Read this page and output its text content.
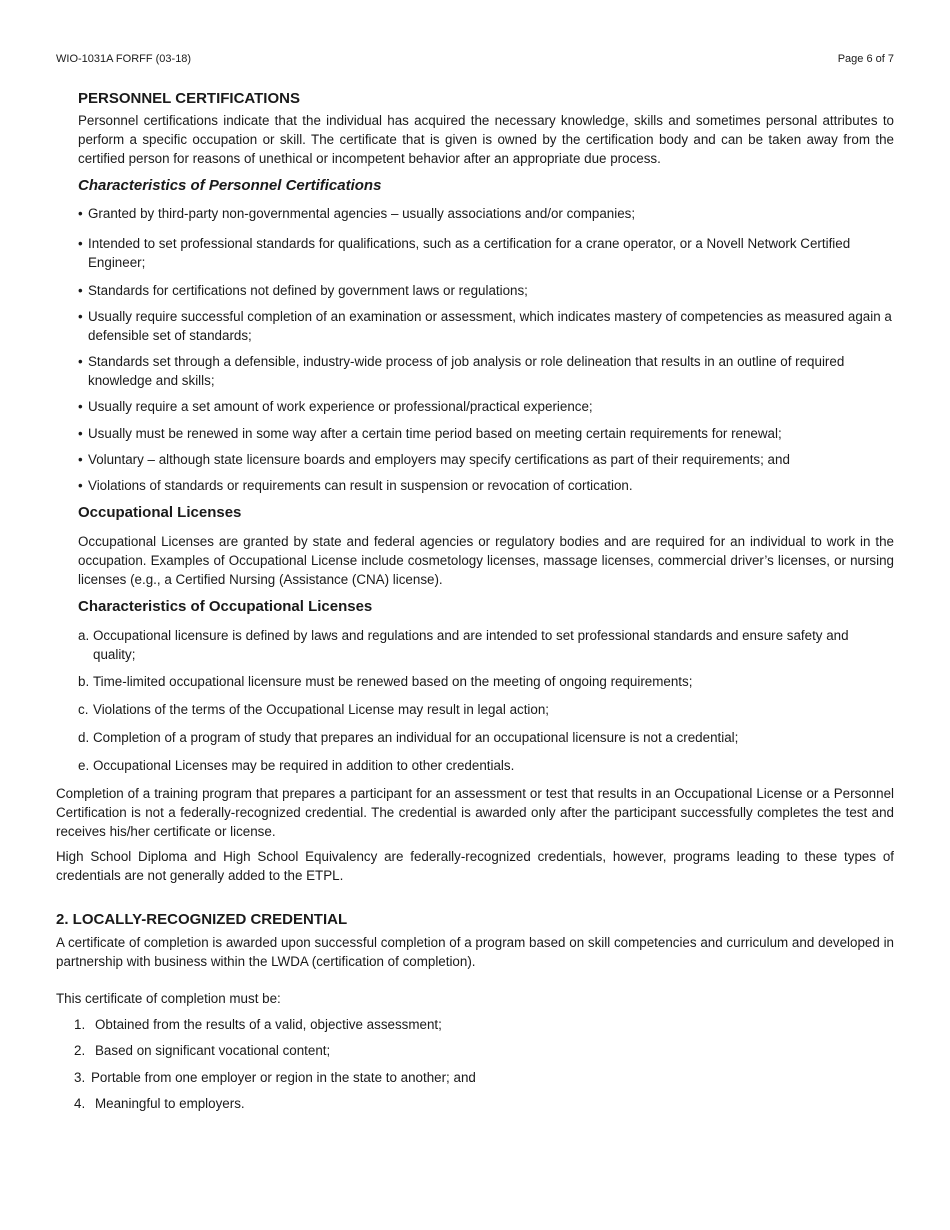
WIO-1031A FORFF (03-18)	Page 6 of 7
PERSONNEL CERTIFICATIONS
Personnel certifications indicate that the individual has acquired the necessary knowledge, skills and sometimes personal attributes to perform a specific occupation or skill. The certificate that is given is owned by the certification body and can be taken away from the certified person for reasons of unethical or incompetent behavior after an appropriate due process.
Characteristics of Personnel Certifications
• Granted by third-party non-governmental agencies – usually associations and/or companies;
• Intended to set professional standards for qualifications, such as a certification for a crane operator, or a Novell Network Certified Engineer;
• Standards for certifications not defined by government laws or regulations;
• Usually require successful completion of an examination or assessment, which indicates mastery of competencies as measured again a defensible set of standards;
• Standards set through a defensible, industry-wide process of job analysis or role delineation that results in an outline of required knowledge and skills;
• Usually require a set amount of work experience or professional/practical experience;
• Usually must be renewed in some way after a certain time period based on meeting certain requirements for renewal;
• Voluntary – although state licensure boards and employers may specify certifications as part of their requirements; and
• Violations of standards or requirements can result in suspension or revocation of cortication.
Occupational Licenses
Occupational Licenses are granted by state and federal agencies or regulatory bodies and are required for an individual to work in the occupation. Examples of Occupational License include cosmetology licenses, massage licenses, commercial driver’s licenses, or nursing licenses (e.g., a Certified Nursing (Assistance (CNA) license).
Characteristics of Occupational Licenses
a. Occupational licensure is defined by laws and regulations and are intended to set professional standards and ensure safety and quality;
b. Time-limited occupational licensure must be renewed based on the meeting of ongoing requirements;
c. Violations of the terms of the Occupational License may result in legal action;
d. Completion of a program of study that prepares an individual for an occupational licensure is not a credential;
e. Occupational Licenses may be required in addition to other credentials.
Completion of a training program that prepares a participant for an assessment or test that results in an Occupational License or a Personnel Certification is not a federally-recognized credential. The credential is awarded only after the participant successfully completes the test and receives his/her certificate or license.
High School Diploma and High School Equivalency are federally-recognized credentials, however, programs leading to these types of credentials are not generally added to the ETPL.
2. LOCALLY-RECOGNIZED CREDENTIAL
A certificate of completion is awarded upon successful completion of a program based on skill competencies and curriculum and developed in partnership with business within the LWDA (certification of completion).
This certificate of completion must be:
1. Obtained from the results of a valid, objective assessment;
2. Based on significant vocational content;
3. Portable from one employer or region in the state to another; and
4. Meaningful to employers.
